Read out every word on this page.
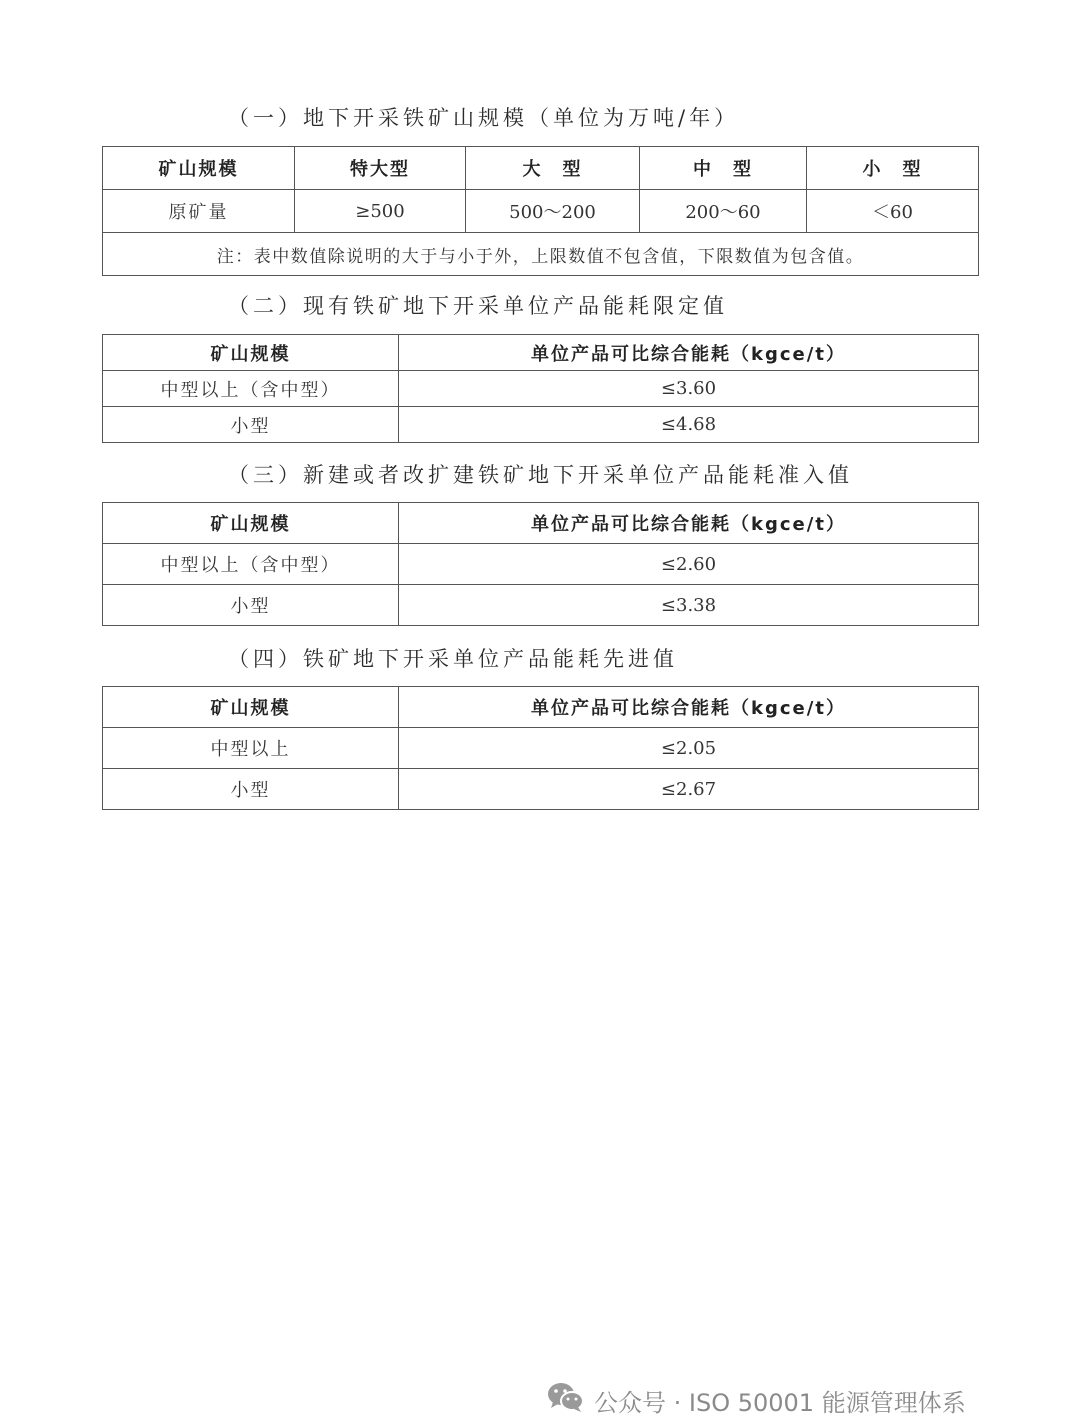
（一）地下开采铁矿山规模（单位为万吨/年）
矿山规模	特大型	大　型	中　型	小　型
原矿量	≥500	500～200	200～60	＜60
注：表中数值除说明的大于与小于外，上限数值不包含值，下限数值为包含值。				
（二）现有铁矿地下开采单位产品能耗限定值
矿山规模	单位产品可比综合能耗（kgce/t）
中型以上（含中型）	≤3.60
小型	≤4.68
（三）新建或者改扩建铁矿地下开采单位产品能耗准入值
矿山规模	单位产品可比综合能耗（kgce/t）
中型以上（含中型）	≤2.60
小型	≤3.38
（四）铁矿地下开采单位产品能耗先进值
矿山规模	单位产品可比综合能耗（kgce/t）
中型以上	≤2.05
小型	≤2.67
公众号 · ISO 50001 能源管理体系
